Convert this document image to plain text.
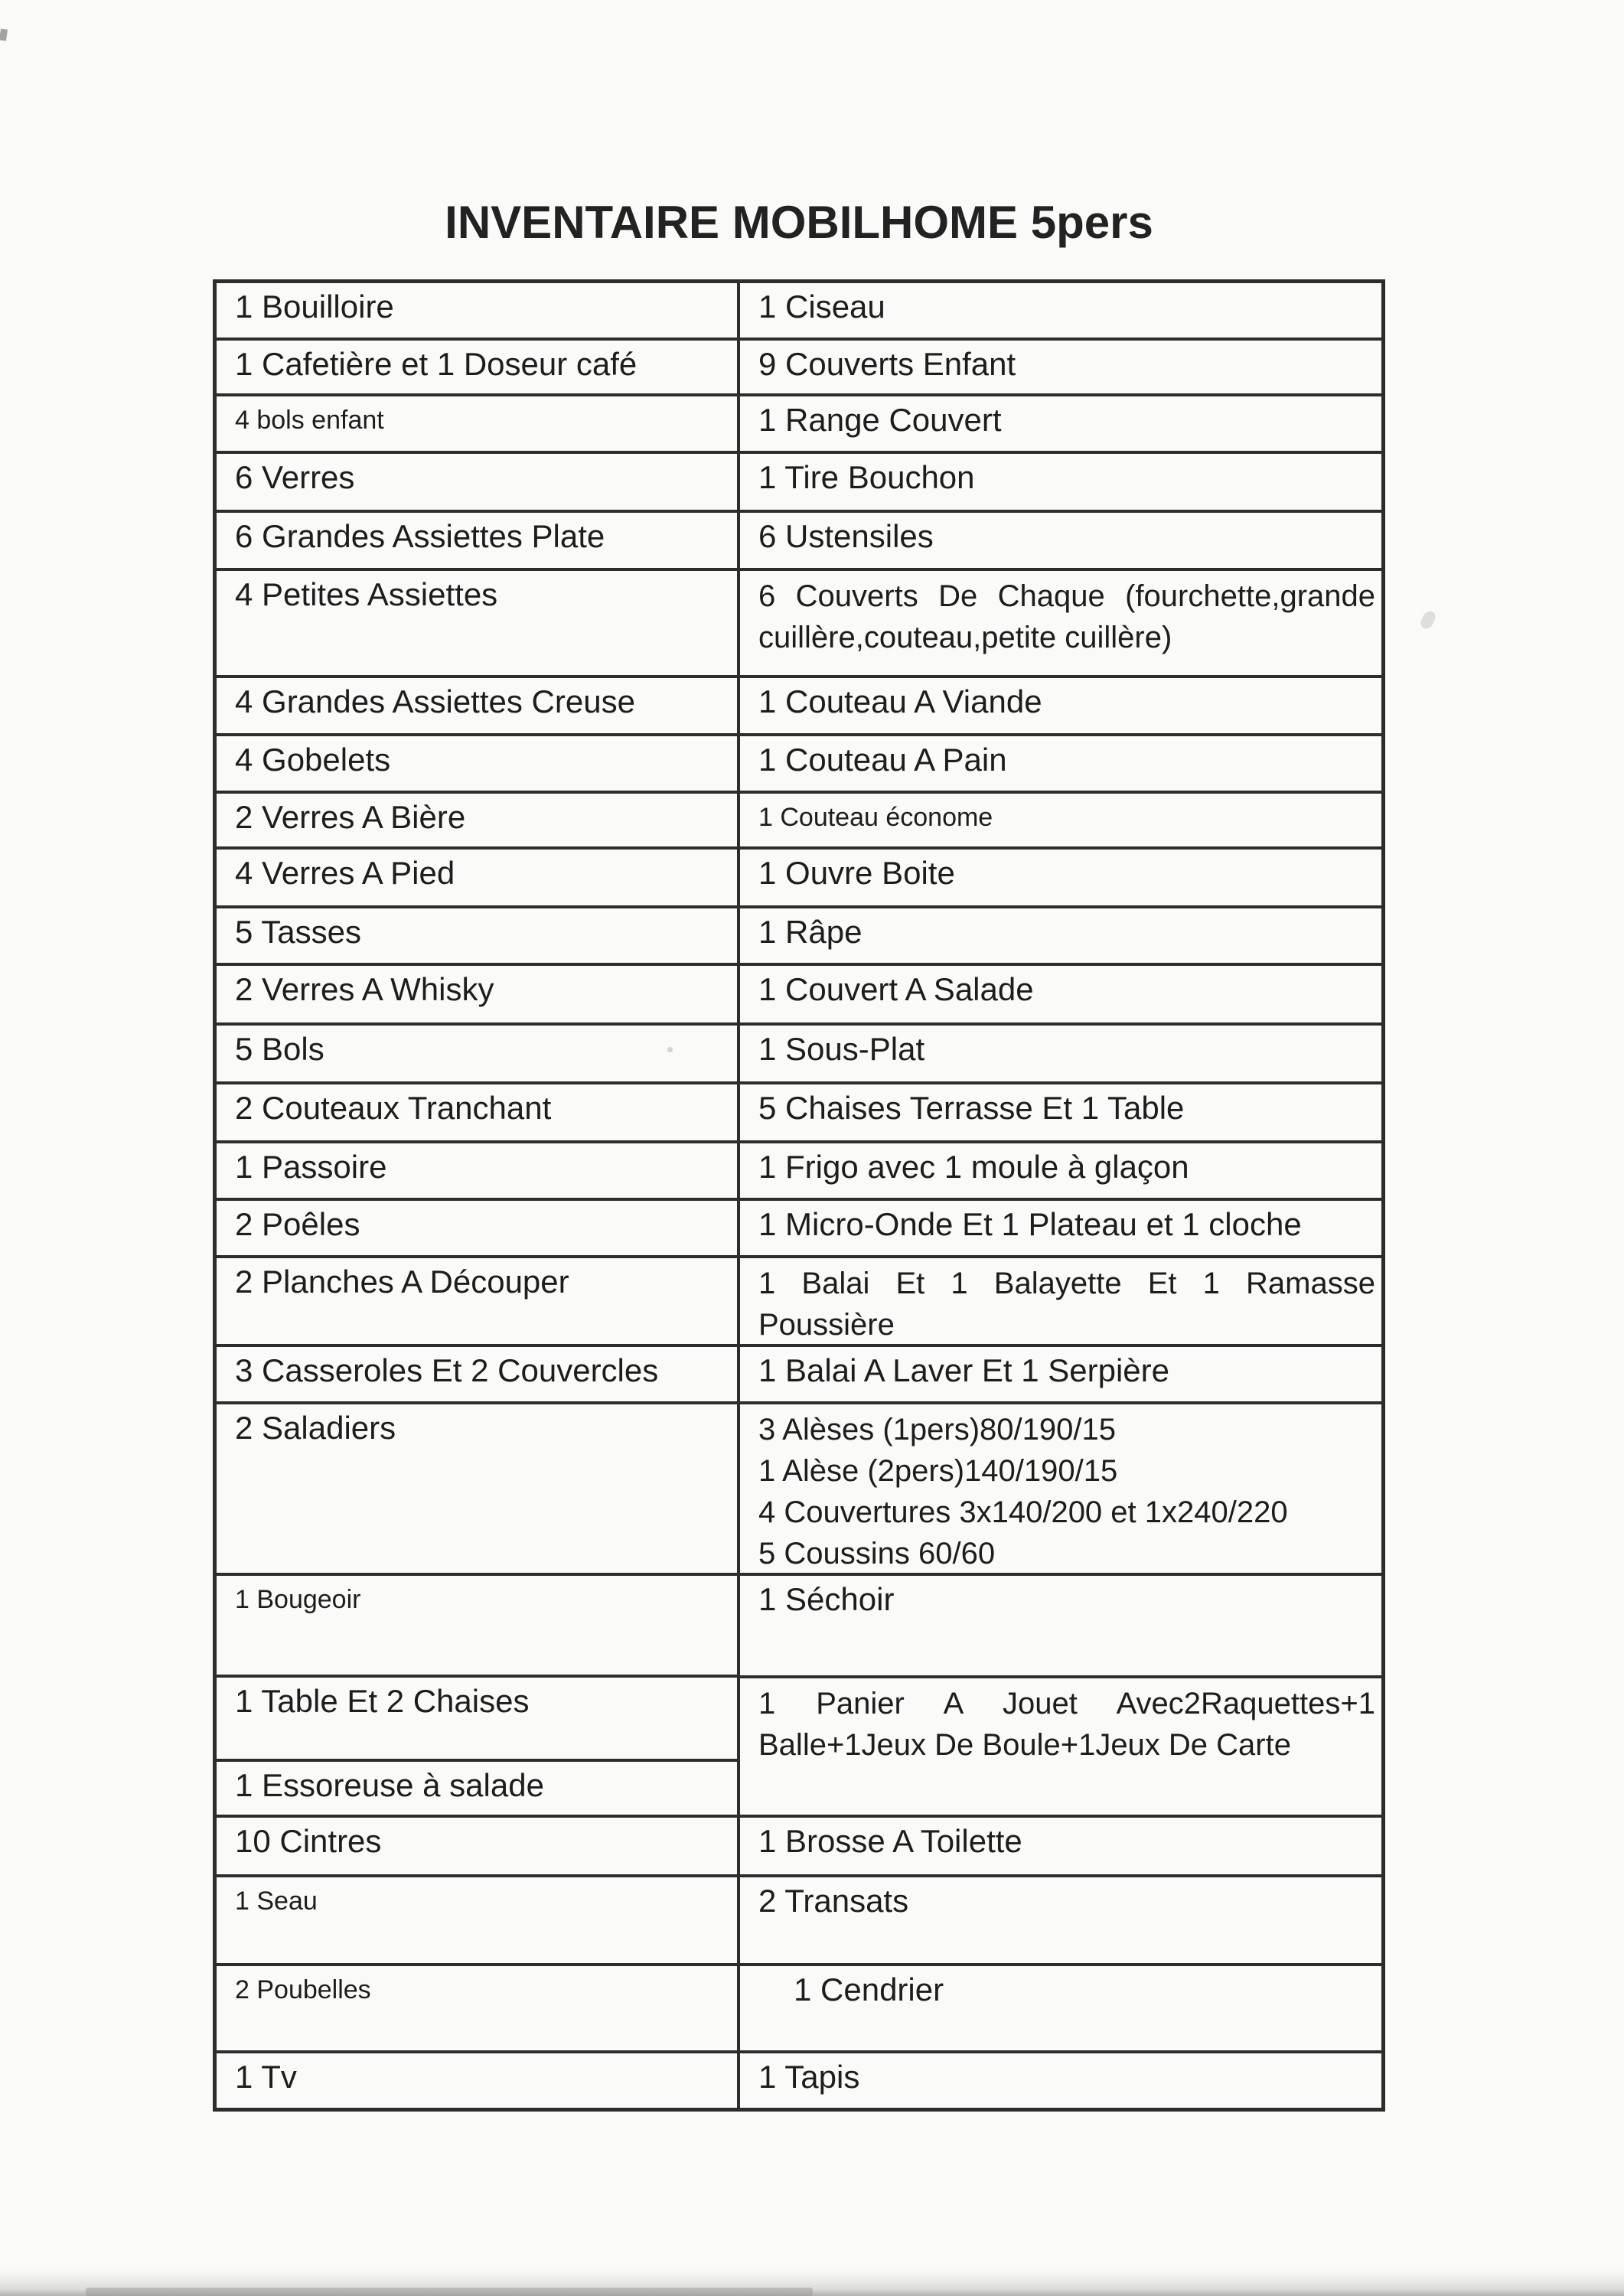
INVENTAIRE MOBILHOME 5pers
1 Bouilloire
1 Cafetière et 1 Doseur café
4 bols enfant
6 Verres
6 Grandes Assiettes Plate
4 Petites Assiettes
4 Grandes Assiettes Creuse
4 Gobelets
2 Verres A Bière
4 Verres A Pied
5 Tasses
2 Verres A Whisky
5 Bols
2 Couteaux Tranchant
1 Passoire
2 Poêles
2 Planches A Découper
3 Casseroles Et 2 Couvercles
2 Saladiers
1 Bougeoir
1 Table Et 2 Chaises
1 Essoreuse à salade
10 Cintres
1 Seau
2 Poubelles
1 Tv
1 Ciseau
9 Couverts Enfant
1 Range Couvert
1 Tire Bouchon
6 Ustensiles
6 Couverts De Chaque (fourchette,grande
cuillère,couteau,petite cuillère)
1 Couteau A Viande
1 Couteau A Pain
1 Couteau économe
1 Ouvre Boite
1 Râpe
1 Couvert A Salade
1 Sous-Plat
5 Chaises Terrasse Et 1 Table
1 Frigo avec 1 moule à glaçon
1 Micro-Onde Et 1 Plateau et 1 cloche
1 Balai Et 1 Balayette Et 1 Ramasse
Poussière
1 Balai A Laver Et 1 Serpière
3 Alèses (1pers)80/190/15
1 Alèse (2pers)140/190/15
4 Couvertures 3x140/200 et 1x240/220
5 Coussins 60/60
1 Séchoir
1 Panier A Jouet Avec2Raquettes+1
Balle+1Jeux De Boule+1Jeux De Carte
1 Brosse A Toilette
2 Transats
1 Cendrier
1 Tapis
